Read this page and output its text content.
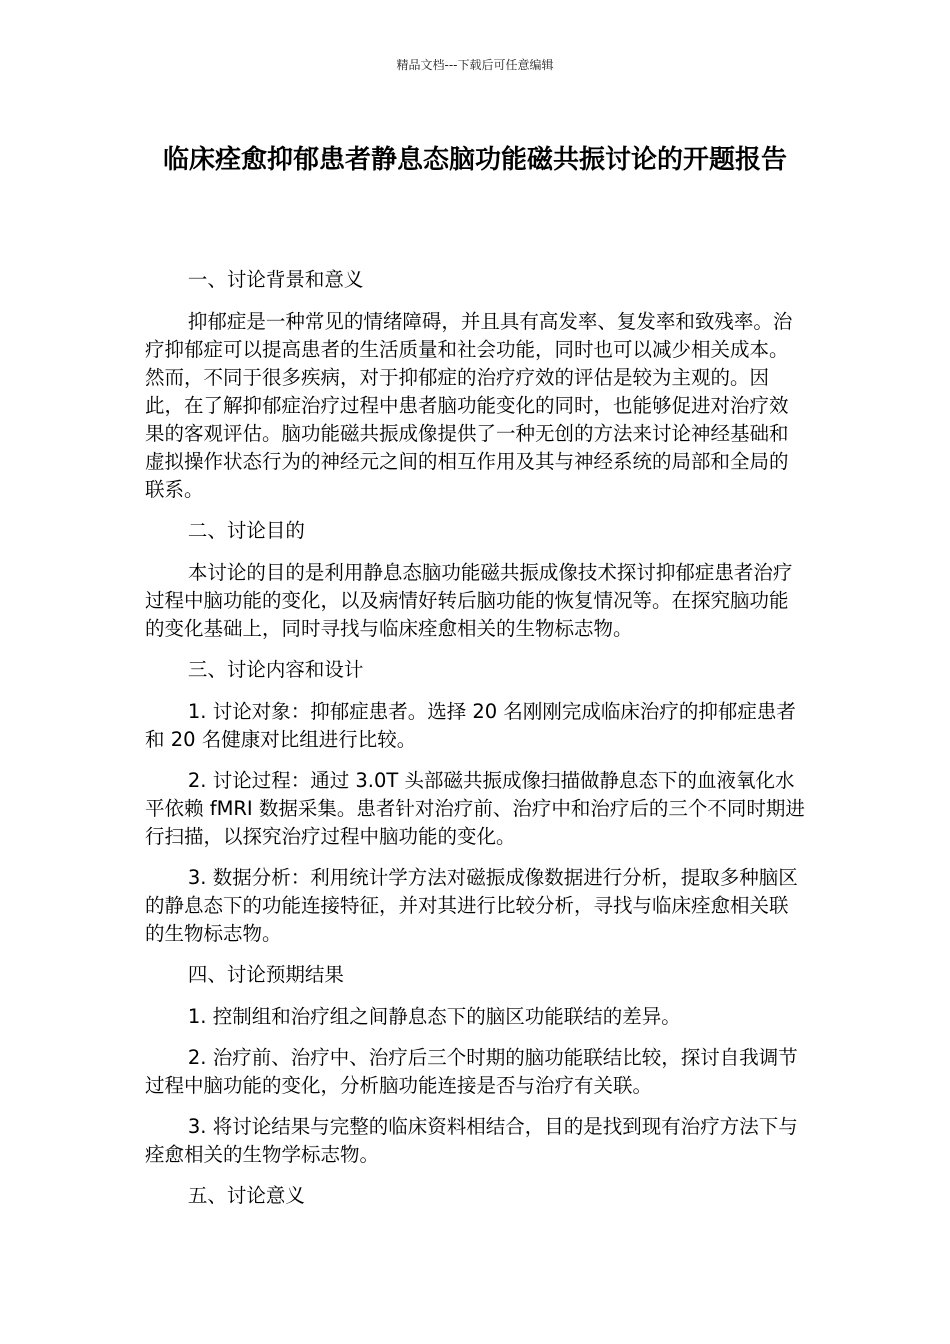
精品文档---下载后可任意编辑
临床痊愈抑郁患者静息态脑功能磁共振讨论的开题报告

一、讨论背景和意义

抑郁症是一种常见的情绪障碍，并且具有高发率、复发率和致残率。治疗抑郁症可以提高患者的生活质量和社会功能，同时也可以减少相关成本。然而，不同于很多疾病，对于抑郁症的治疗疗效的评估是较为主观的。因此，在了解抑郁症治疗过程中患者脑功能变化的同时，也能够促进对治疗效果的客观评估。脑功能磁共振成像提供了一种无创的方法来讨论神经基础和虚拟操作状态行为的神经元之间的相互作用及其与神经系统的局部和全局的联系。

二、讨论目的

本讨论的目的是利用静息态脑功能磁共振成像技术探讨抑郁症患者治疗过程中脑功能的变化，以及病情好转后脑功能的恢复情况等。在探究脑功能的变化基础上，同时寻找与临床痊愈相关的生物标志物。

三、讨论内容和设计

1. 讨论对象：抑郁症患者。选择 20 名刚刚完成临床治疗的抑郁症患者和 20 名健康对比组进行比较。

2. 讨论过程：通过 3.0T 头部磁共振成像扫描做静息态下的血液氧化水平依赖 fMRI 数据采集。患者针对治疗前、治疗中和治疗后的三个不同时期进行扫描，以探究治疗过程中脑功能的变化。

3. 数据分析：利用统计学方法对磁振成像数据进行分析，提取多种脑区的静息态下的功能连接特征，并对其进行比较分析，寻找与临床痊愈相关联的生物标志物。

四、讨论预期结果

1. 控制组和治疗组之间静息态下的脑区功能联结的差异。

2. 治疗前、治疗中、治疗后三个时期的脑功能联结比较，探讨自我调节过程中脑功能的变化，分析脑功能连接是否与治疗有关联。

3. 将讨论结果与完整的临床资料相结合，目的是找到现有治疗方法下与痊愈相关的生物学标志物。

五、讨论意义
